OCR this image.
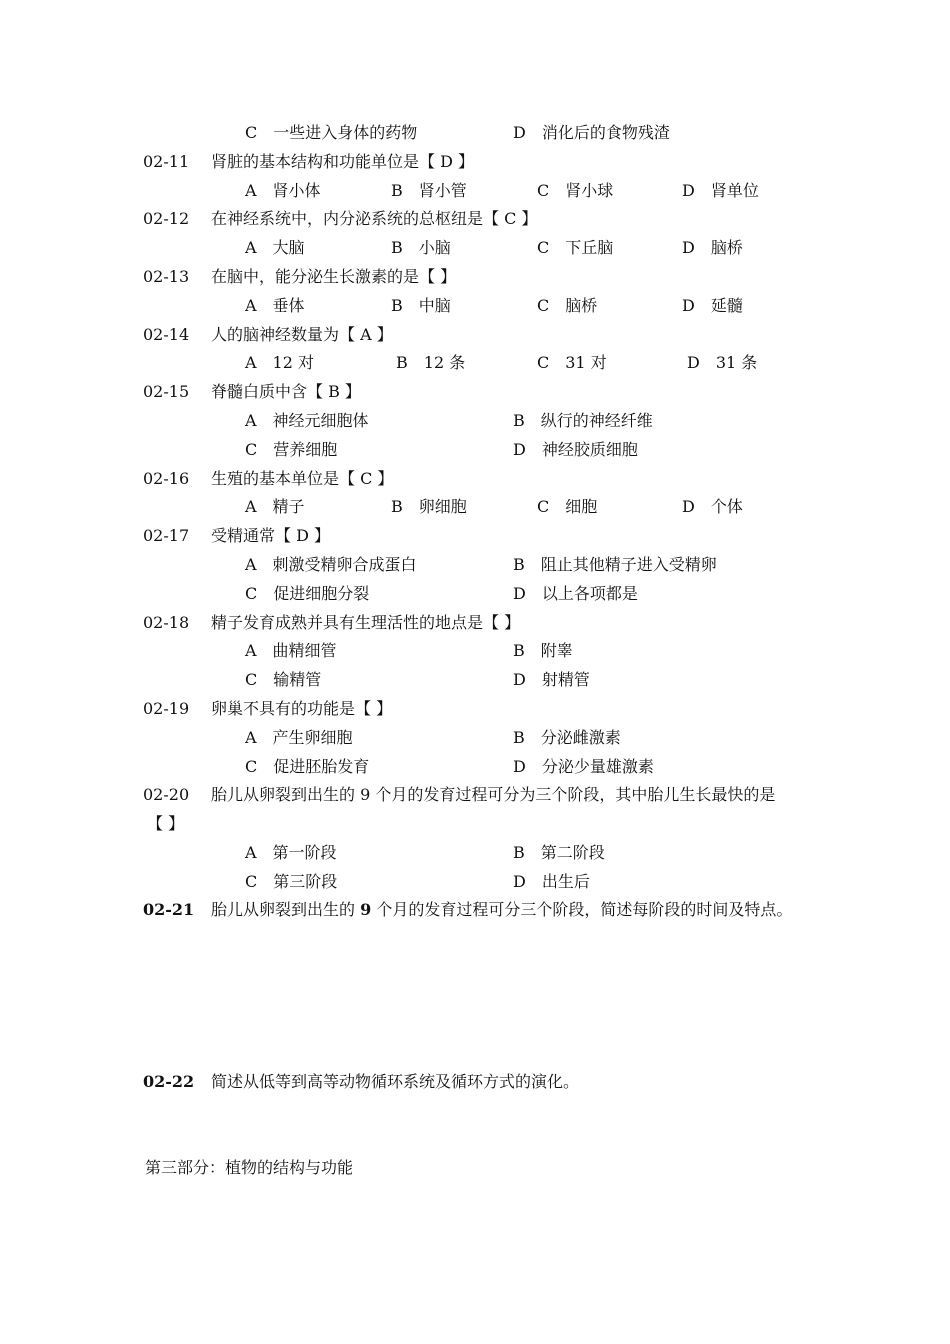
C　一些进入身体的药物	D　消化后的食物残渣
02-11 肾脏的基本结构和功能单位是【 D 】
A　肾小体	B　肾小管	C　肾小球	D　肾单位
02-12 在神经系统中，内分泌系统的总枢纽是【 C 】
A　大脑	B　小脑	C　下丘脑	D　脑桥
02-13 在脑中，能分泌生长激素的是【 】
A　垂体	B　中脑	C　脑桥	D　延髓
02-14 人的脑神经数量为【 A 】
A　12 对	B　12 条	C　31 对	D　31 条
02-15 脊髓白质中含【 B 】
A　神经元细胞体	B　纵行的神经纤维
C　营养细胞	D　神经胶质细胞
02-16 生殖的基本单位是【 C 】
A　精子	B　卵细胞	C　细胞	D　个体
02-17 受精通常【 D 】
A　刺激受精卵合成蛋白	B　阻止其他精子进入受精卵
C　促进细胞分裂	D　以上各项都是
02-18 精子发育成熟并具有生理活性的地点是【 】
A　曲精细管	B　附睾
C　输精管	D　射精管
02-19 卵巢不具有的功能是【 】
A　产生卵细胞	B　分泌雌激素
C　促进胚胎发育	D　分泌少量雄激素
02-20 胎儿从卵裂到出生的 9 个月的发育过程可分为三个阶段，其中胎儿生长最快的是
【 】
A　第一阶段	B　第二阶段
C　第三阶段	D　出生后
02-21 胎儿从卵裂到出生的 9 个月的发育过程可分三个阶段，简述每阶段的时间及特点。
02-22 简述从低等到高等动物循环系统及循环方式的演化。
第三部分：植物的结构与功能
